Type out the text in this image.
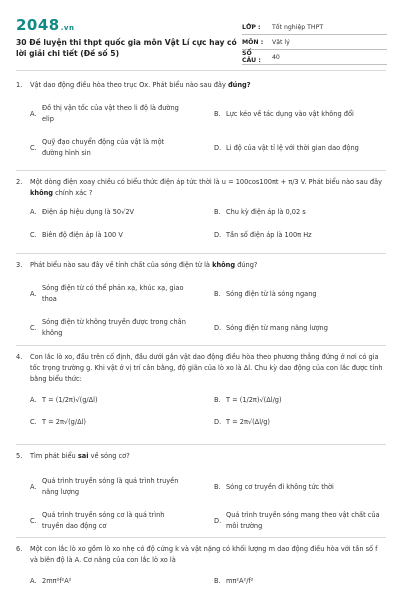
2048.vn
30 Đề luyện thi thpt quốc gia môn Vật Lí cực hay có lời giải chi tiết (Đề số 5)
LỚP :	Tốt nghiệp THPT
MÔN :	Vật lý
SỐ CÂU :	40
1.	Vật dao động điều hòa theo trục Ox. Phát biểu nào sau đây đúng?
A.
Đồ thị vận tốc của vật theo li độ là đường elip
B. Lực kéo về tác dụng vào vật không đổi
C.
Quỹ đạo chuyển động của vật là một đường hình sin
D. Li độ của vật tỉ lệ với thời gian dao động
2.	Một dòng điện xoay chiều có biểu thức điện áp tức thời là u = 100cos100πt + π/3 V. Phát biểu nào sau đây không chính xác ?
A. Điện áp hiệu dụng là 50√2V	B. Chu kỳ điện áp là 0,02 s
C. Biên độ điện áp là 100 V	D. Tần số điện áp là 100π Hz
3.	Phát biểu nào sau đây về tính chất của sóng điện từ là không đúng?
A.
Sóng điện từ có thể phản xạ, khúc xạ, giao thoa
B. Sóng điện từ là sóng ngang
C.
Sóng điện từ không truyền được trong chân không
D. Sóng điện từ mang năng lượng
4.	Con lắc lò xo, đầu trên cố định, đầu dưới gắn vật dao động điều hòa theo phương thẳng đứng ở nơi có gia tốc trọng trường g. Khi vật ở vị trí cân bằng, độ giãn của lò xo là Δl. Chu kỳ dao động của con lắc được tính bằng biểu thức:
A. T = (1/2π)√(g/Δl)	B. T = (1/2π)√(Δl/g)
C. T = 2π√(g/Δl)	D. T = 2π√(Δl/g)
5.	Tìm phát biểu sai về sóng cơ?
A.
Quá trình truyền sóng là quá trình truyền năng lượng
B. Sóng cơ truyền đi không tức thời
C.
Quá trình truyền sóng cơ là quá trình truyền dao động cơ
D.
Quá trình truyền sóng mang theo vật chất của môi trường
6.	Một con lắc lò xo gồm lò xo nhẹ có độ cứng k và vật nặng có khối lượng m dao động điều hòa với tần số f và biên độ là A. Cơ năng của con lắc lò xo là
A. 2mπ²f²A²	B. mπ²A²/f²
